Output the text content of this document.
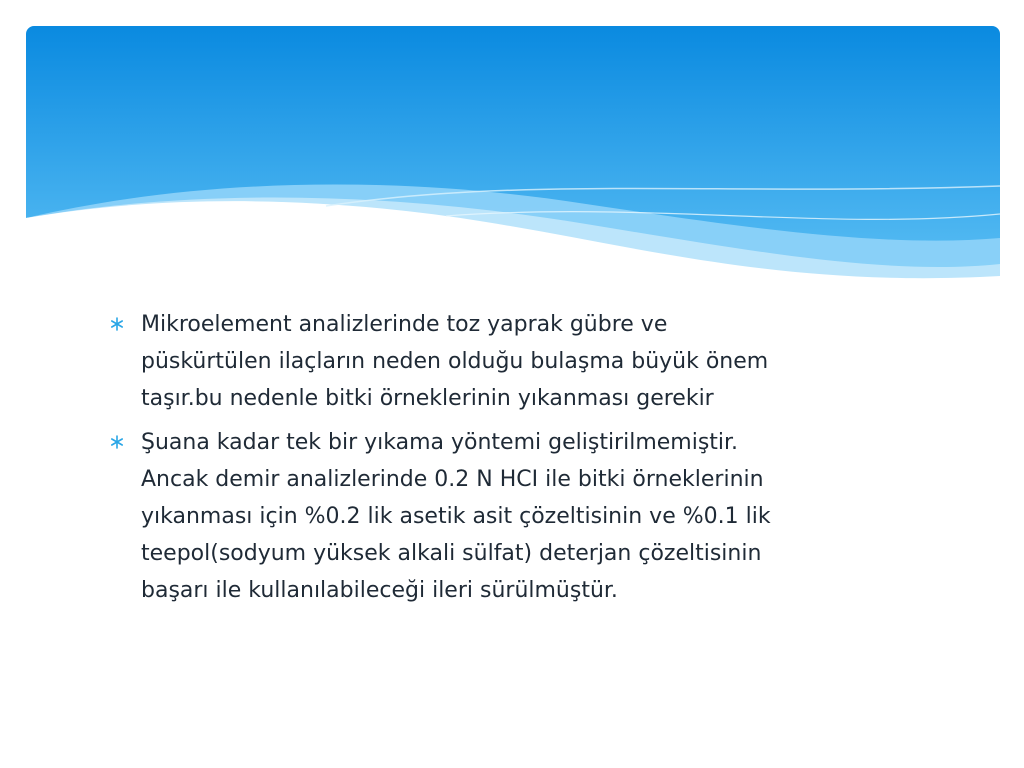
Mikroelement analizlerinde toz yaprak gübre ve
püskürtülen ilaçların neden olduğu bulaşma büyük önem
taşır.bu nedenle bitki örneklerinin yıkanması gerekir
Şuana kadar tek bir yıkama yöntemi geliştirilmemiştir.
Ancak demir analizlerinde 0.2 N HCI ile bitki örneklerinin
yıkanması için %0.2 lik asetik asit çözeltisinin ve %0.1 lik
teepol(sodyum yüksek alkali sülfat) deterjan çözeltisinin
başarı ile kullanılabileceği ileri sürülmüştür.
